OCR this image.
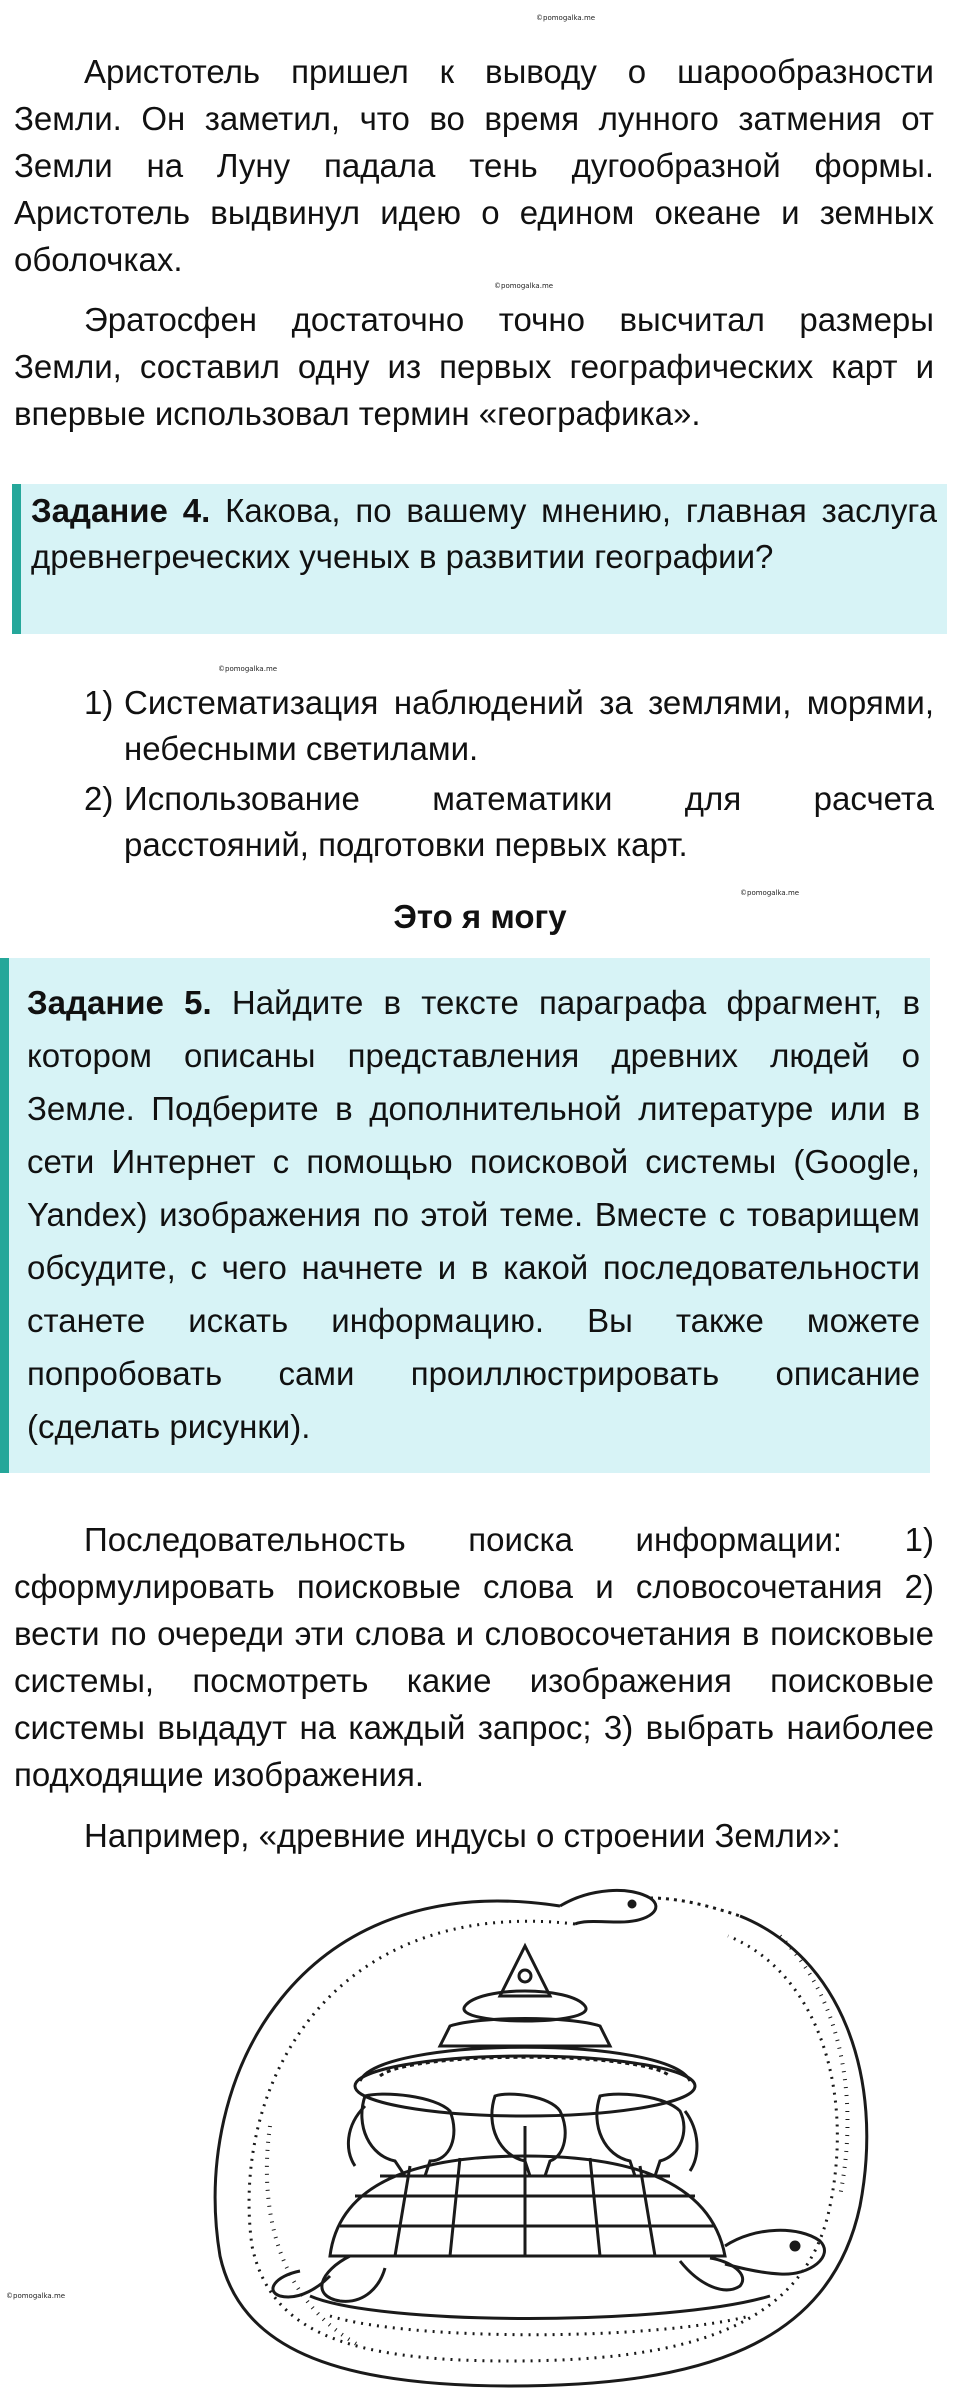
©pomogalka.me
©pomogalka.me
©pomogalka.me
©pomogalka.me
©pomogalka.me

Аристотель пришел к выводу о шарообразности Земли. Он заметил, что во время лунного затмения от Земли на Луну падала тень дугообразной формы. Аристотель выдвинул идею о едином океане и земных оболочках.

Эратосфен достаточно точно высчитал размеры Земли, составил одну из первых географических карт и впервые использовал термин «географика».

Задание 4. Какова, по вашему мнению, главная заслуга древнегреческих ученых в развитии географии?
1) Систематизация наблюдений за землями, морями, небесными светилами.
2) Использование математики для расчета расстояний, подготовки первых карт.
Это я могу
Задание 5. Найдите в тексте параграфа фрагмент, в котором описаны представления древних людей о Земле. Подберите в дополнительной литературе или в сети Интернет с помощью поисковой системы (Google, Yandex) изображения по этой теме. Вместе с товарищем обсудите, с чего начнете и в какой последовательности станете искать информацию. Вы также можете попробовать сами проиллюстрировать описание (сделать рисунки).

Последовательность поиска информации: 1) сформулировать поисковые слова и словосочетания 2) вести по очереди эти слова и словосочетания в поисковые системы, посмотреть какие изображения поисковые системы выдадут на каждый запрос; 3) выбрать наиболее подходящие изображения.

Например, «древние индусы о строении Земли»:
